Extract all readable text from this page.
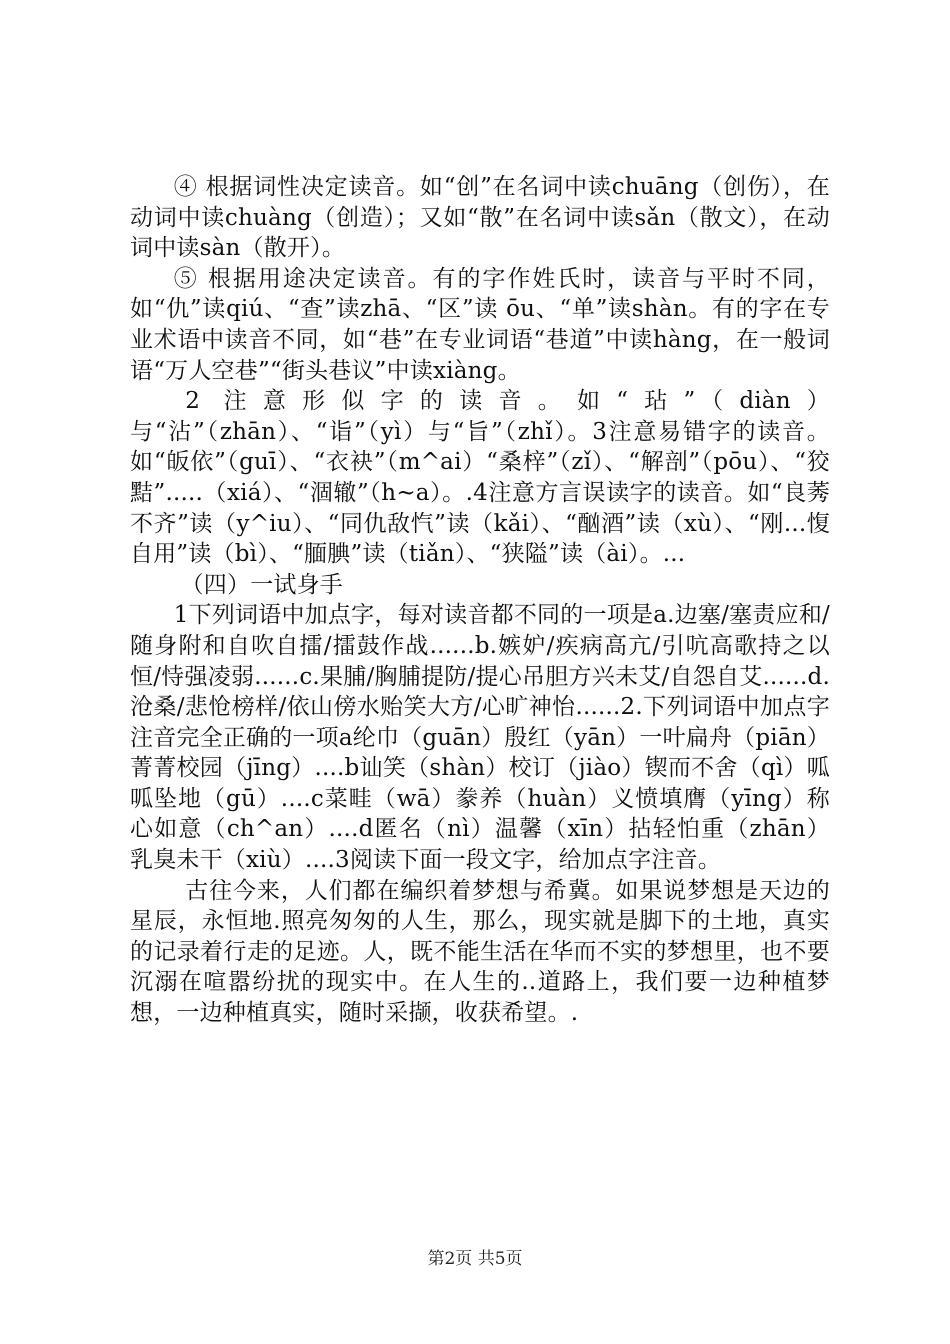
④ 根据词性决定读音。如“创”在名词中读chuāng（创伤），在动词中读chuàng（创造）；又如“散”在名词中读sǎn（散文），在动词中读sàn（散开）。

⑤ 根据用途决定读音。有的字作姓氏时，读音与平时不同，如“仇”读qiú、“查”读zhā、“区”读 ōu、“单”读shàn。有的字在专业术语中读音不同，如“巷”在专业词语“巷道”中读hàng，在一般词语“万人空巷”“街头巷议”中读xiàng。

2 注意形似字的读音。如“玷”（diàn）与“沾”（zhān）、“诣”（yì）与“旨”（zhǐ）。3注意易错字的读音。如“皈依”（guī）、“衣袂”（m^ai）“桑梓”（zǐ）、“解剖”（pōu）、“狡黠”.....（xiá）、“涸辙”（h~a）。.4注意方言误读字的读音。如“良莠不齐”读（y^iu）、“同仇敌忾”读（kǎi）、“酗酒”读（xù）、“刚...愎自用”读（bì）、“腼腆”读（tiǎn）、“狭隘”读（ài）。...

（四）一试身手

1下列词语中加点字，每对读音都不同的一项是a.边塞/塞责应和/随身附和自吹自擂/擂鼓作战......b.嫉妒/疾病高亢/引吭高歌持之以恒/恃强凌弱......c.果脯/胸脯提防/提心吊胆方兴未艾/自怨自艾......d.沧桑/悲怆榜样/依山傍水贻笑大方/心旷神怡......2.下列词语中加点字注音完全正确的一项a纶巾（guān）殷红（yān）一叶扁舟（piān）菁菁校园（jīng）....b讪笑（shàn）校订（jiào）锲而不舍（qì）呱呱坠地（gū）....c菜畦（wā）豢养（huàn）义愤填膺（yīng）称心如意（ch^an）....d匿名（nì）温馨（xīn）拈轻怕重（zhān）乳臭未干（xiù）....3阅读下面一段文字，给加点字注音。

古往今来，人们都在编织着梦想与希冀。如果说梦想是天边的星辰，永恒地.照亮匆匆的人生，那么，现实就是脚下的土地，真实的记录着行走的足迹。人，既不能生活在华而不实的梦想里，也不要沉溺在喧嚣纷扰的现实中。在人生的..道路上，我们要一边种植梦想，一边种植真实，随时采撷，收获希望。.

第2页 共5页
